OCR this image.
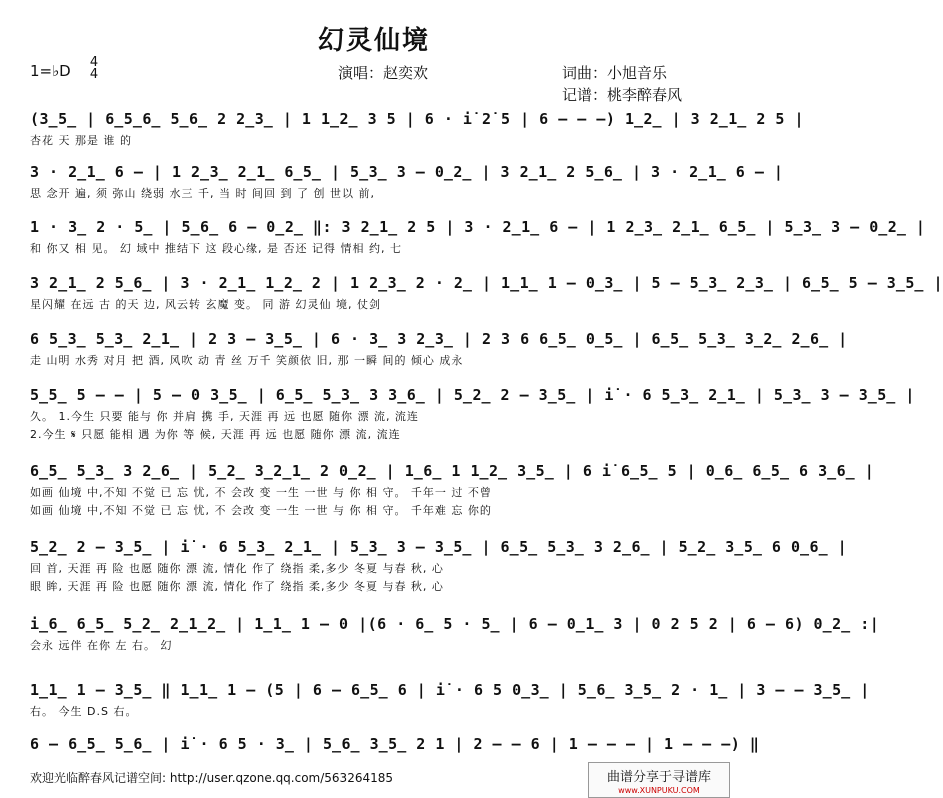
幻灵仙境
1=♭D 4
4	演唱：赵奕欢	词曲：小旭音乐
记谱：桃李醉春风
(3̲5̲ | 6̲5̲6̲ 5̲6̲ 2 2̲3̲ | 1 1̲2̲ 3 5 | 6 · i̇ 2̇ 5 | 6 – – –) 1̲2̲ | 3 2̲1̲ 2 5 |
杏花 天 那是 谁 的
3 · 2̲1̲ 6 – | 1 2̲3̲ 2̲1̲ 6̲5̲ | 5̲3̲ 3 – 0̲2̲ | 3 2̲1̲ 2 5̲6̲ | 3 · 2̲1̲ 6 – |
思 念开 遍, 须 弥山 绕弱 水三 千, 当 时 间回 到 了 创 世以 前,
1 · 3̲ 2 · 5̲ | 5̲6̲ 6 – 0̲2̲ ‖: 3 2̲1̲ 2 5 | 3 · 2̲1̲ 6 – | 1 2̲3̲ 2̲1̲ 6̲5̲ | 5̲3̲ 3 – 0̲2̲ |
和 你又 相 见。 幻 域中 推结下 这 段心缘, 是 否还 记得 情相 约, 七
3 2̲1̲ 2 5̲6̲ | 3 · 2̲1̲ 1̲2̲ 2 | 1 2̲3̲ 2 · 2̲ | 1̲1̲ 1 – 0̲3̲ | 5 – 5̲3̲ 2̲3̲ | 6̲5̲ 5 – 3̲5̲ |
星闪耀 在远 古 的天 边, 风云转 玄魔 变。 同 游 幻灵仙 境, 仗剑
6 5̲3̲ 5̲3̲ 2̲1̲ | 2 3 – 3̲5̲ | 6 · 3̲ 3 2̲3̲ | 2 3 6 6̲5̲ 0̲5̲ | 6̲5̲ 5̲3̲ 3̲2̲ 2̲6̲ |
走 山明 水秀 对月 把 酒, 风吹 动 青 丝 万千 笑颜依 旧, 那 一瞬 间的 倾心 成永
5̲5̲ 5 – – | 5 – 0 3̲5̲ | 6̲5̲ 5̲3̲ 3 3̲6̲ | 5̲2̲ 2 – 3̲5̲ | i̇ · 6 5̲3̲ 2̲1̲ | 5̲3̲ 3 – 3̲5̲ |
久。 1.今生 只要 能与 你 并肩 携 手, 天涯 再 远 也愿 随你 漂 流, 流连
2.今生 𝄋 只愿 能相 遇 为你 等 候, 天涯 再 远 也愿 随你 漂 流, 流连
6̲5̲ 5̲3̲ 3 2̲6̲ | 5̲2̲ 3̲2̲1̲ 2 0̲2̲ | 1̲6̲ 1 1̲2̲ 3̲5̲ | 6 i̇ 6̲5̲ 5 | 0̲6̲ 6̲5̲ 6 3̲6̲ |
如画 仙境 中,不知 不觉 已 忘 忧, 不 会改 变 一生 一世 与 你 相 守。 千年一 过 不曾
如画 仙境 中,不知 不觉 已 忘 忧, 不 会改 变 一生 一世 与 你 相 守。 千年难 忘 你的
5̲2̲ 2 – 3̲5̲ | i̇ · 6 5̲3̲ 2̲1̲ | 5̲3̲ 3 – 3̲5̲ | 6̲5̲ 5̲3̲ 3 2̲6̲ | 5̲2̲ 3̲5̲ 6 0̲6̲ |
回 首, 天涯 再 险 也愿 随你 漂 流, 情化 作了 绕指 柔,多少 冬夏 与春 秋, 心
眼 眸, 天涯 再 险 也愿 随你 漂 流, 情化 作了 绕指 柔,多少 冬夏 与春 秋, 心
i̲6̲ 6̲5̲ 5̲2̲ 2̲1̲2̲ | 1̲1̲ 1 – 0 |(6 · 6̲ 5 · 5̲ | 6 – 0̲1̲ 3 | 0 2 5 2 | 6 – 6) 0̲2̲ :|
会永 远伴 在你 左 右。 幻
1̲1̲ 1 – 3̲5̲ ‖ 1̲1̲ 1 – (5 | 6 – 6̲5̲ 6 | i̇ · 6 5 0̲3̲ | 5̲6̲ 3̲5̲ 2 · 1̲ | 3 – – 3̲5̲ |
右。 今生 D.S 右。
6 – 6̲5̲ 5̲6̲ | i̇ · 6 5 · 3̲ | 5̲6̲ 3̲5̲ 2 1 | 2 – – 6 | 1 – – – | 1 – – –) ‖
欢迎光临醉春风记谱空间: http://user.qzone.qq.com/563264185	曲谱分享于寻谱库
www.XUNPUKU.COM
